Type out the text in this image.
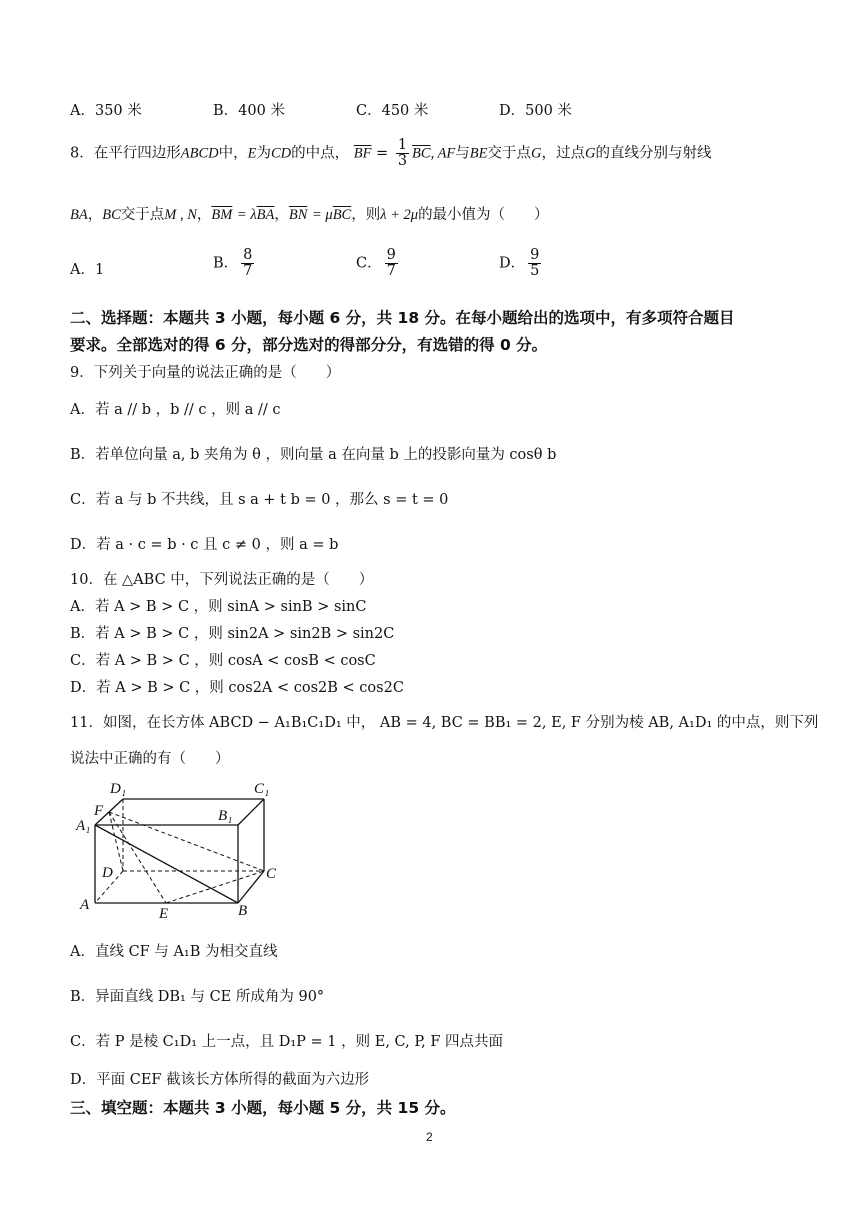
A．350 米	B．400 米	C．450 米	D．500 米
8．在平行四边形ABCD中，E为CD的中点， $\overline{BF} = \frac{1}{3} \overline{BC}$, AF与BE交于点G，过点G的直线分别与射线
BA，BC交于点M , N，$\overline{BM} = \lambda\overline{BA}$，$\overline{BN} = \mu\overline{BC}$，则λ + 2μ的最小值为（　　）
A．1	B． $\frac{8}{7}$	C． $\frac{9}{7}$	D． $\frac{9}{5}$
二、选择题：本题共 3 小题，每小题 6 分，共 18 分。在每小题给出的选项中，有多项符合题目
要求。全部选对的得 6 分，部分选对的得部分分，有选错的得 0 分。
9．下列关于向量的说法正确的是（　　）
A．若 a // b ，b // c ，则 a // c
B．若单位向量 a, b 夹角为 θ ，则向量 a 在向量 b 上的投影向量为 cosθ b
C．若 a 与 b 不共线，且 s a + t b = 0 ，那么 s = t = 0
D．若 a · c = b · c 且 c ≠ 0 ，则 a = b
10．在 △ABC 中，下列说法正确的是（　　）
A．若 A > B > C ，则 sinA > sinB > sinC
B．若 A > B > C ，则 sin2A > sin2B > sin2C
C．若 A > B > C ，则 cosA < cosB < cosC
D．若 A > B > C ，则 cos2A < cos2B < cos2C
11．如图，在长方体 ABCD − A₁B₁C₁D₁ 中， AB = 4, BC = BB₁ = 2, E, F 分别为棱 AB, A₁D₁ 的中点，则下列
说法中正确的有（　　）
D₁	C₁
F	B₁
A₁
D	C
A
E	B
A．直线 CF 与 A₁B 为相交直线
B．异面直线 DB₁ 与 CE 所成角为 90°
C．若 P 是棱 C₁D₁ 上一点，且 D₁P = 1 ，则 E, C, P, F 四点共面
D．平面 CEF 截该长方体所得的截面为六边形
三、填空题：本题共 3 小题，每小题 5 分，共 15 分。
2
